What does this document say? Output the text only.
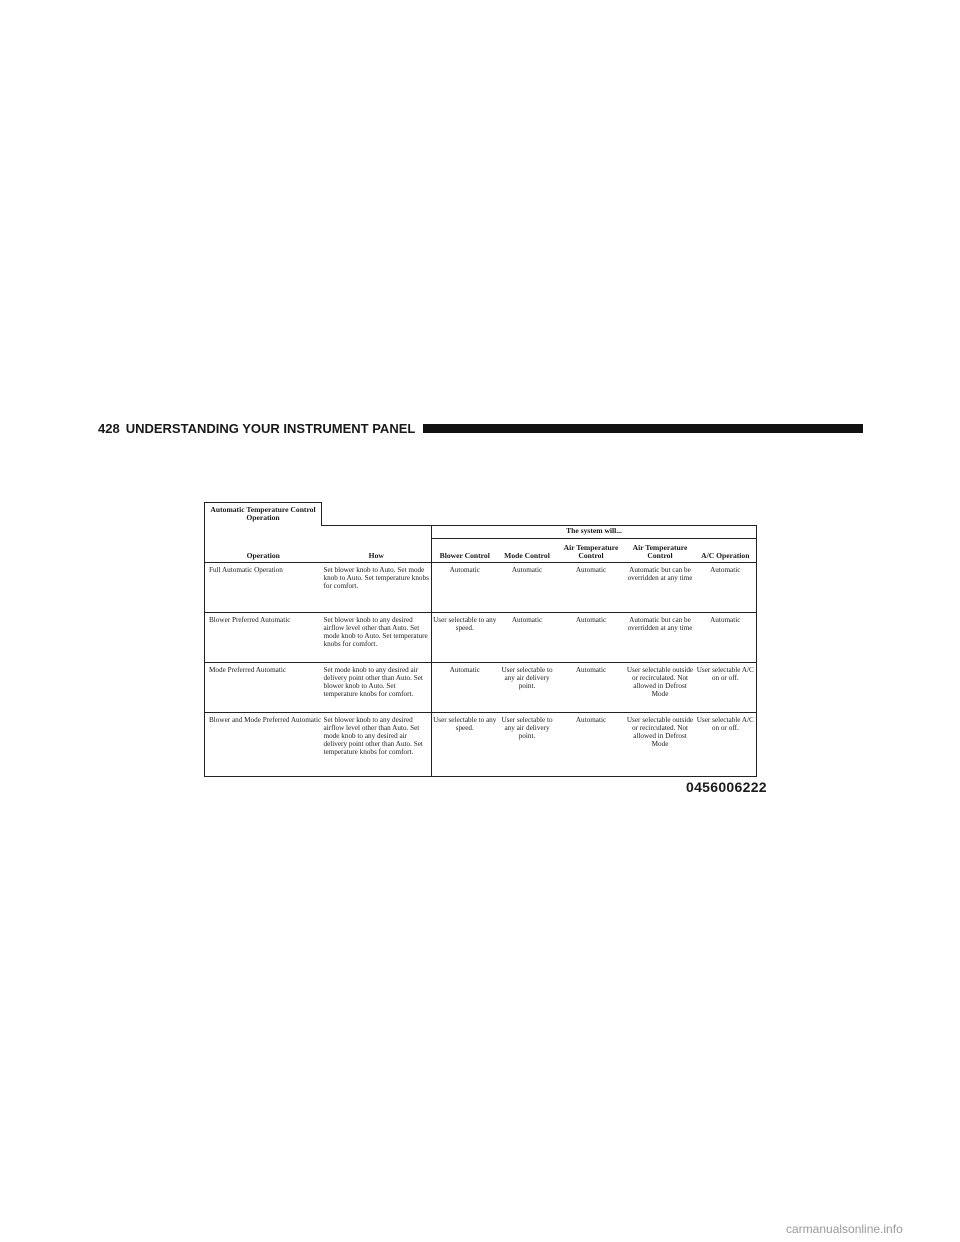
428 UNDERSTANDING YOUR INSTRUMENT PANEL
Automatic Temperature Control Operation						
		The system will...				
Operation	How	Blower Control	Mode Control	Air Temperature Control	Air Temperature Control	A/C Operation
Full Automatic Operation	Set blower knob to Auto. Set mode knob to Auto. Set temperature knobs for comfort.	Automatic	Automatic	Automatic	Automatic but can be overridden at any time	Automatic
Blower Preferred Automatic	Set blower knob to any desired airflow level other than Auto. Set mode knob to Auto. Set temperature knobs for comfort.	User selectable to any speed.	Automatic	Automatic	Automatic but can be overridden at any time	Automatic
Mode Preferred Automatic	Set mode knob to any desired air delivery point other than Auto. Set blower knob to Auto. Set temperature knobs for comfort.	Automatic	User selectable to any air delivery point.	Automatic	User selectable outside or recirculated. Not allowed in Defrost Mode	User selectable A/C on or off.
Blower and Mode Preferred Automatic	Set blower knob to any desired airflow level other than Auto. Set mode knob to any desired air delivery point other than Auto. Set temperature knobs for comfort.	User selectable to any speed.	User selectable to any air delivery point.	Automatic	User selectable outside or recirculated. Not allowed in Defrost Mode	User selectable A/C on or off.
0456006222
carmanualsonline.info
